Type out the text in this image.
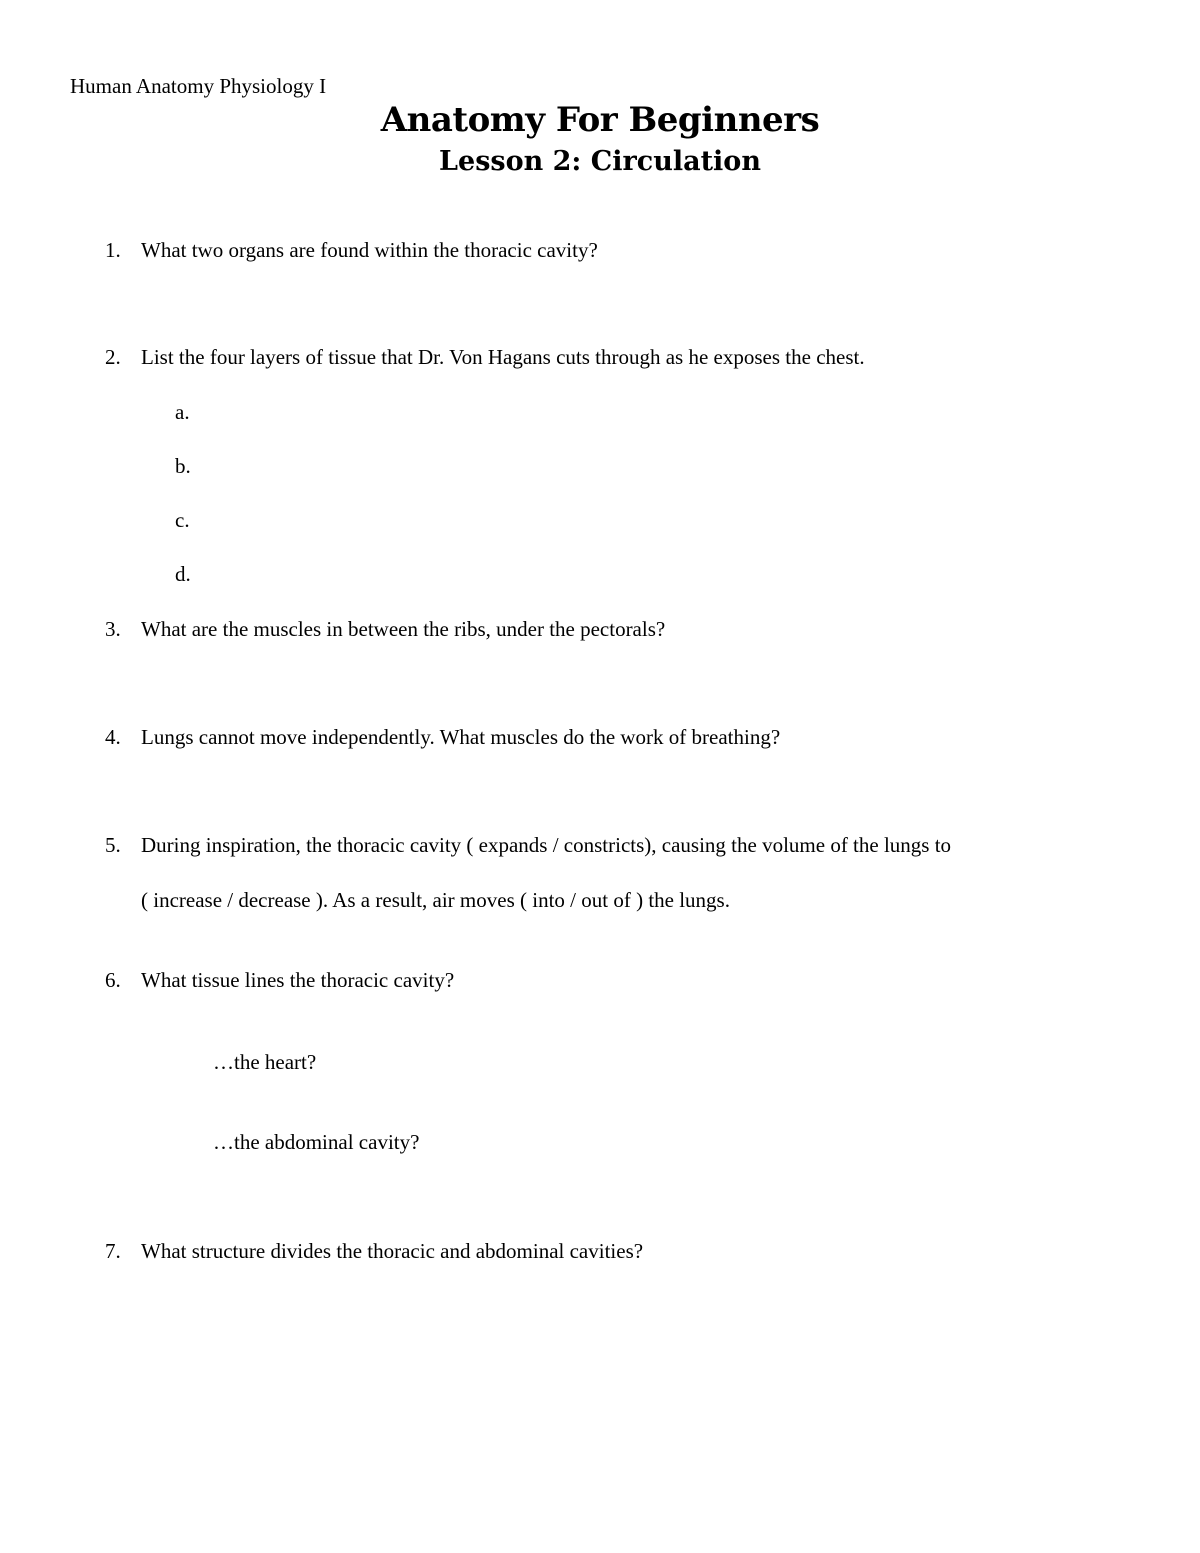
Human Anatomy Physiology I
Anatomy For Beginners
Lesson 2: Circulation
1. What two organs are found within the thoracic cavity?
2. List the four layers of tissue that Dr. Von Hagans cuts through as he exposes the chest.
a.
b.
c.
d.
3. What are the muscles in between the ribs, under the pectorals?
4. Lungs cannot move independently. What muscles do the work of breathing?
5. During inspiration, the thoracic cavity ( expands / constricts), causing the volume of the lungs to
( increase / decrease ). As a result, air moves ( into / out of ) the lungs.
6. What tissue lines the thoracic cavity?
…the heart?
…the abdominal cavity?
7. What structure divides the thoracic and abdominal cavities?
